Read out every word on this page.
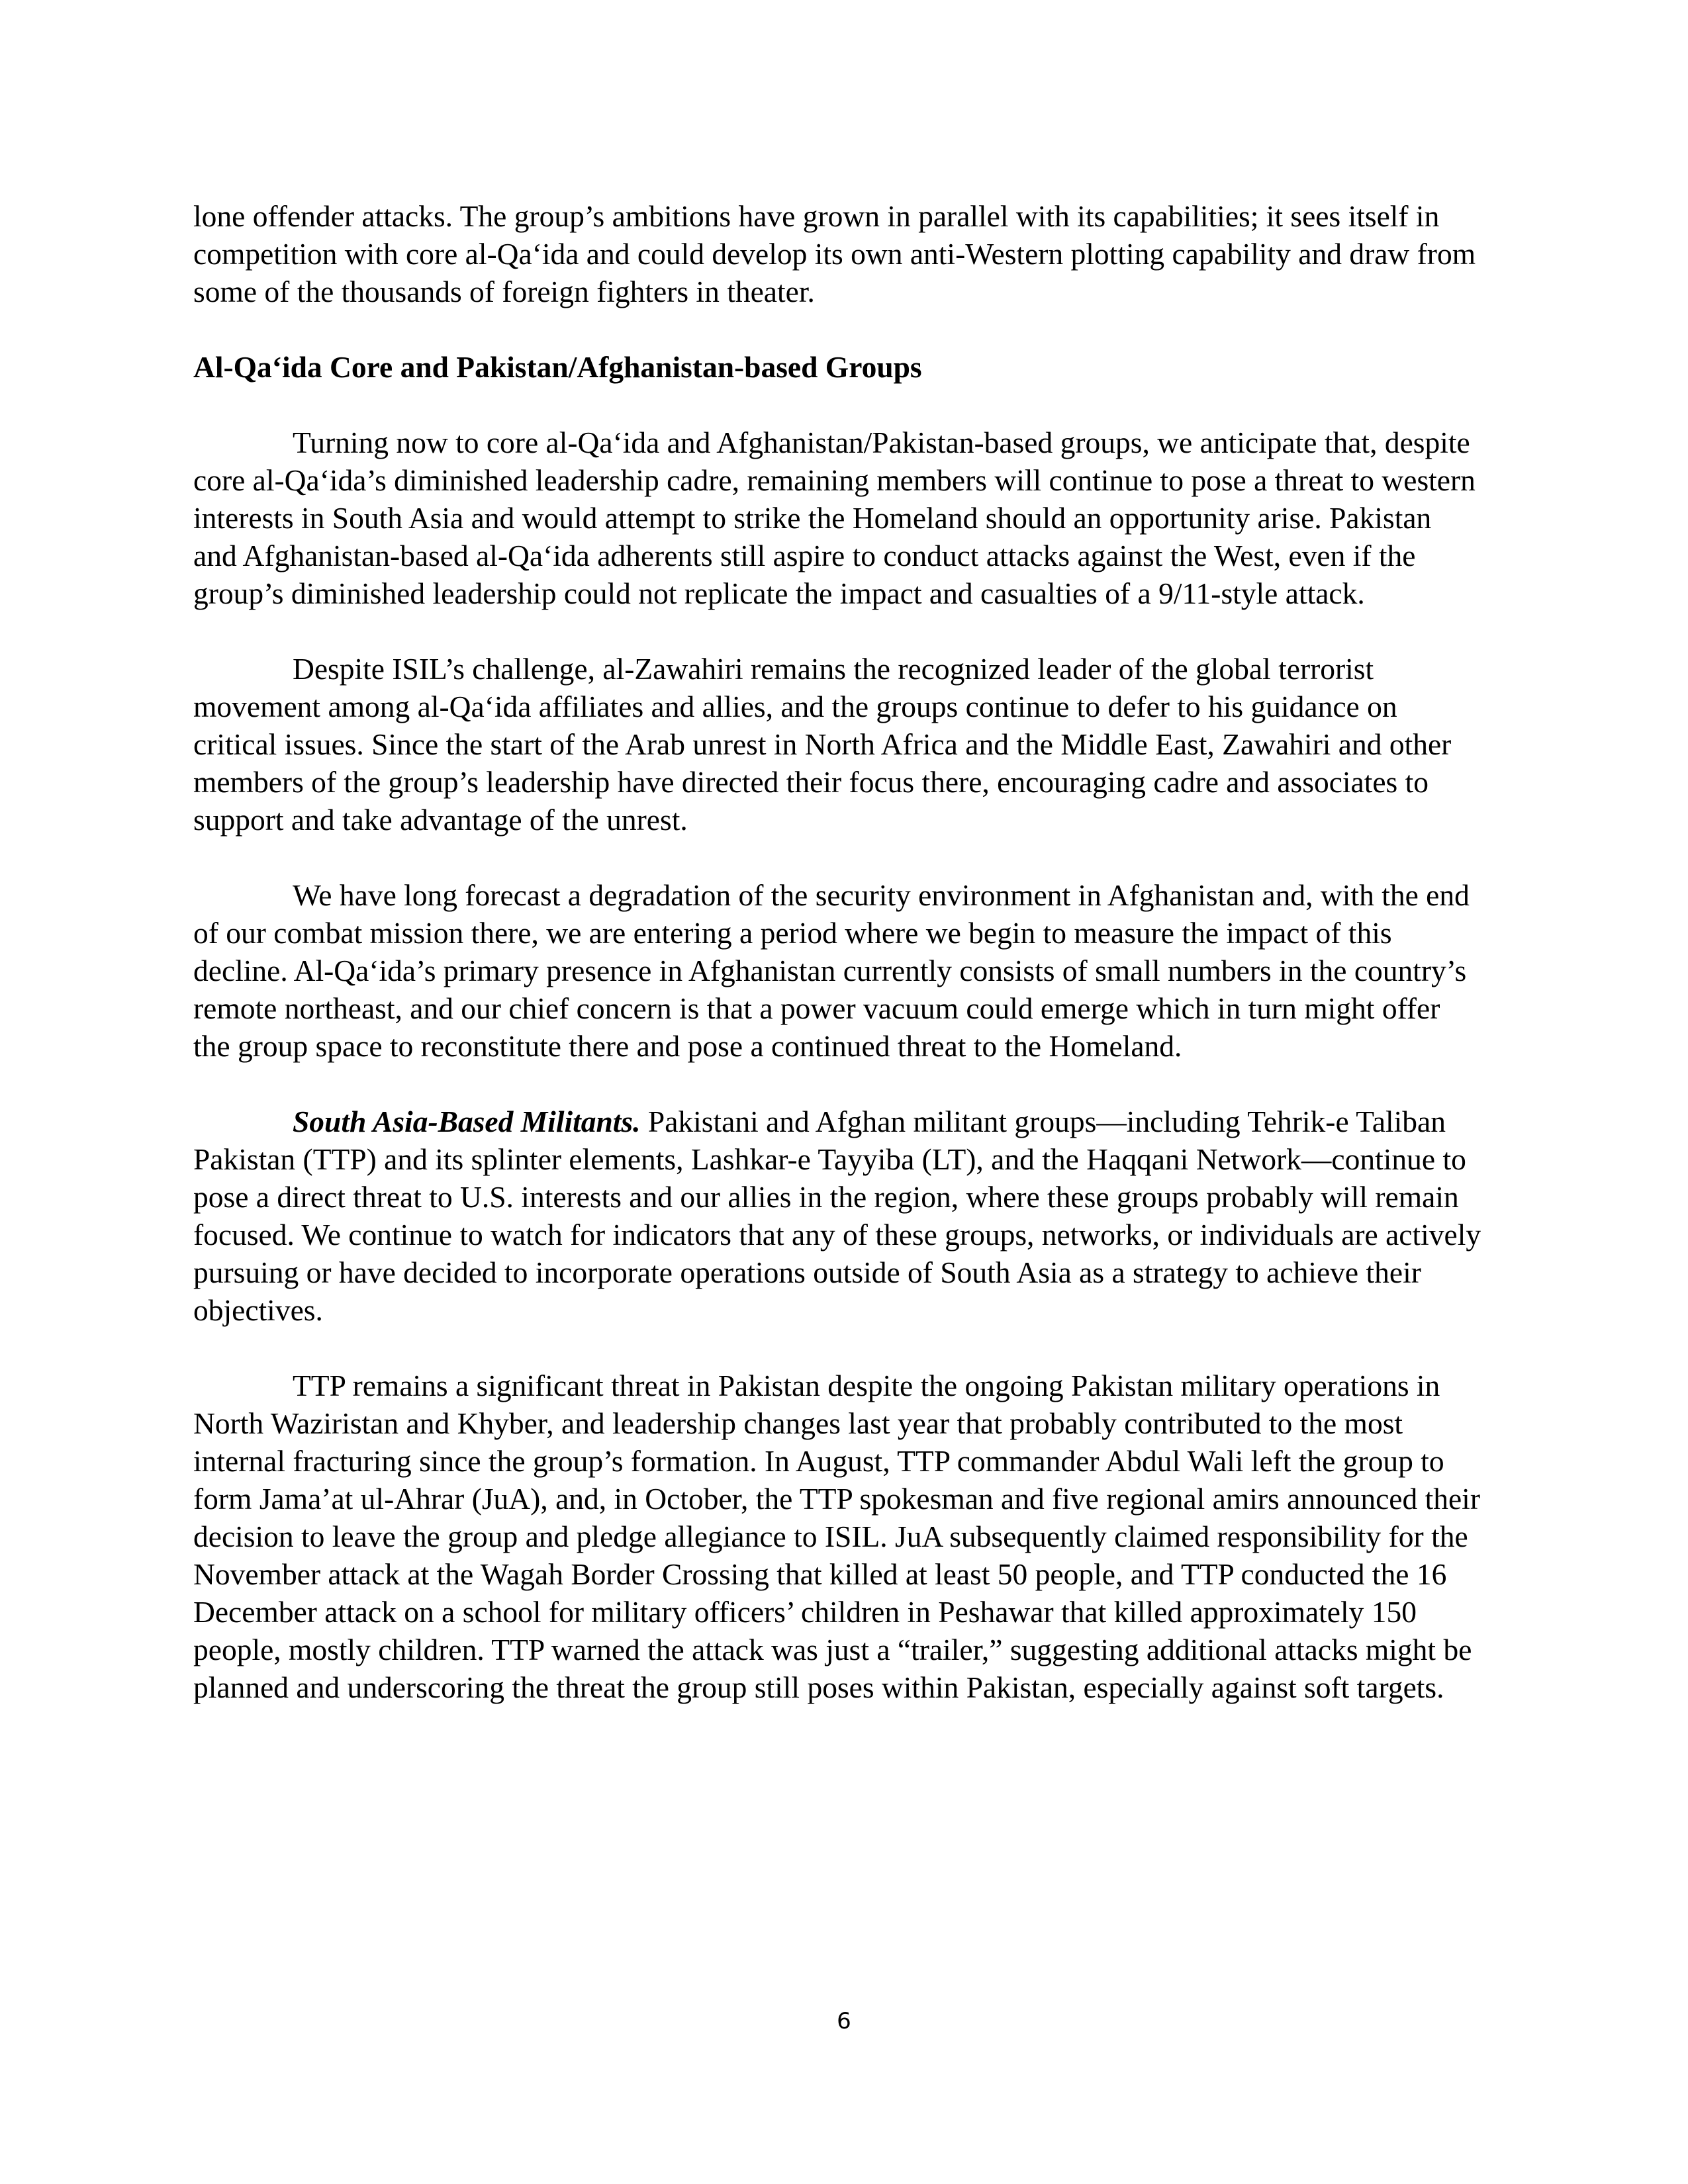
lone offender attacks. The group’s ambitions have grown in parallel with its capabilities; it sees itself in competition with core al-Qa‘ida and could develop its own anti-Western plotting capability and draw from some of the thousands of foreign fighters in theater.

Al-Qa‘ida Core and Pakistan/Afghanistan-based Groups

Turning now to core al-Qa‘ida and Afghanistan/Pakistan-based groups, we anticipate that, despite core al-Qa‘ida’s diminished leadership cadre, remaining members will continue to pose a threat to western interests in South Asia and would attempt to strike the Homeland should an opportunity arise. Pakistan and Afghanistan-based al-Qa‘ida adherents still aspire to conduct attacks against the West, even if the group’s diminished leadership could not replicate the impact and casualties of a 9/11-style attack.

Despite ISIL’s challenge, al-Zawahiri remains the recognized leader of the global terrorist movement among al-Qa‘ida affiliates and allies, and the groups continue to defer to his guidance on critical issues. Since the start of the Arab unrest in North Africa and the Middle East, Zawahiri and other members of the group’s leadership have directed their focus there, encouraging cadre and associates to support and take advantage of the unrest.

We have long forecast a degradation of the security environment in Afghanistan and, with the end of our combat mission there, we are entering a period where we begin to measure the impact of this decline. Al-Qa‘ida’s primary presence in Afghanistan currently consists of small numbers in the country’s remote northeast, and our chief concern is that a power vacuum could emerge which in turn might offer the group space to reconstitute there and pose a continued threat to the Homeland.

South Asia-Based Militants. Pakistani and Afghan militant groups—including Tehrik-e Taliban Pakistan (TTP) and its splinter elements, Lashkar-e Tayyiba (LT), and the Haqqani Network—continue to pose a direct threat to U.S. interests and our allies in the region, where these groups probably will remain focused. We continue to watch for indicators that any of these groups, networks, or individuals are actively pursuing or have decided to incorporate operations outside of South Asia as a strategy to achieve their objectives.

TTP remains a significant threat in Pakistan despite the ongoing Pakistan military operations in North Waziristan and Khyber, and leadership changes last year that probably contributed to the most internal fracturing since the group’s formation. In August, TTP commander Abdul Wali left the group to form Jama’at ul-Ahrar (JuA), and, in October, the TTP spokesman and five regional amirs announced their decision to leave the group and pledge allegiance to ISIL. JuA subsequently claimed responsibility for the November attack at the Wagah Border Crossing that killed at least 50 people, and TTP conducted the 16 December attack on a school for military officers’ children in Peshawar that killed approximately 150 people, mostly children. TTP warned the attack was just a “trailer,” suggesting additional attacks might be planned and underscoring the threat the group still poses within Pakistan, especially against soft targets.

6
